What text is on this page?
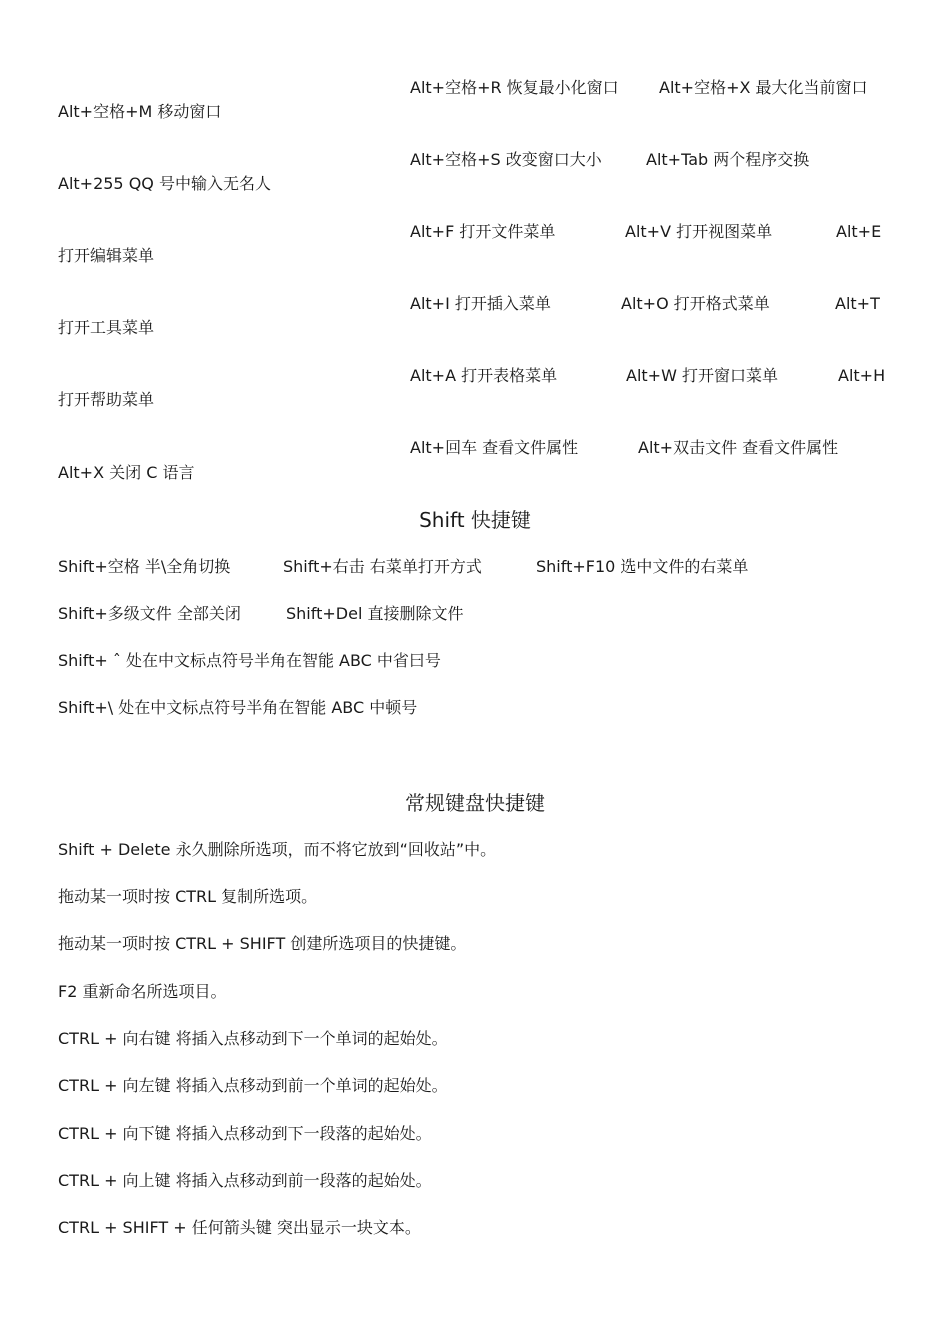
Alt+空格+R 恢复最小化窗口	Alt+空格+X 最大化当前窗口
Alt+空格+M 移动窗口
Alt+空格+S 改变窗口大小	Alt+Tab 两个程序交换
Alt+255 QQ 号中输入无名人
Alt+F 打开文件菜单	Alt+V 打开视图菜单	Alt+E
打开编辑菜单
Alt+I 打开插入菜单	Alt+O 打开格式菜单	Alt+T
打开工具菜单
Alt+A 打开表格菜单	Alt+W 打开窗口菜单	Alt+H
打开帮助菜单
Alt+回车 查看文件属性	Alt+双击文件 查看文件属性
Alt+X 关闭 C 语言
Shift 快捷键
Shift+空格 半\全角切换	Shift+右击 右菜单打开方式	Shift+F10 选中文件的右菜单
Shift+多级文件 全部关闭	Shift+Del 直接删除文件
Shift+ ˆ 处在中文标点符号半角在智能 ABC 中省曰号
Shift+\ 处在中文标点符号半角在智能 ABC 中顿号
常规键盘快捷键
Shift + Delete 永久删除所选项，而不将它放到“回收站”中。
拖动某一项时按 CTRL 复制所选项。
拖动某一项时按 CTRL + SHIFT 创建所选项目的快捷键。
F2 重新命名所选项目。
CTRL + 向右键 将插入点移动到下一个单词的起始处。
CTRL + 向左键 将插入点移动到前一个单词的起始处。
CTRL + 向下键 将插入点移动到下一段落的起始处。
CTRL + 向上键 将插入点移动到前一段落的起始处。
CTRL + SHIFT + 任何箭头键 突出显示一块文本。
